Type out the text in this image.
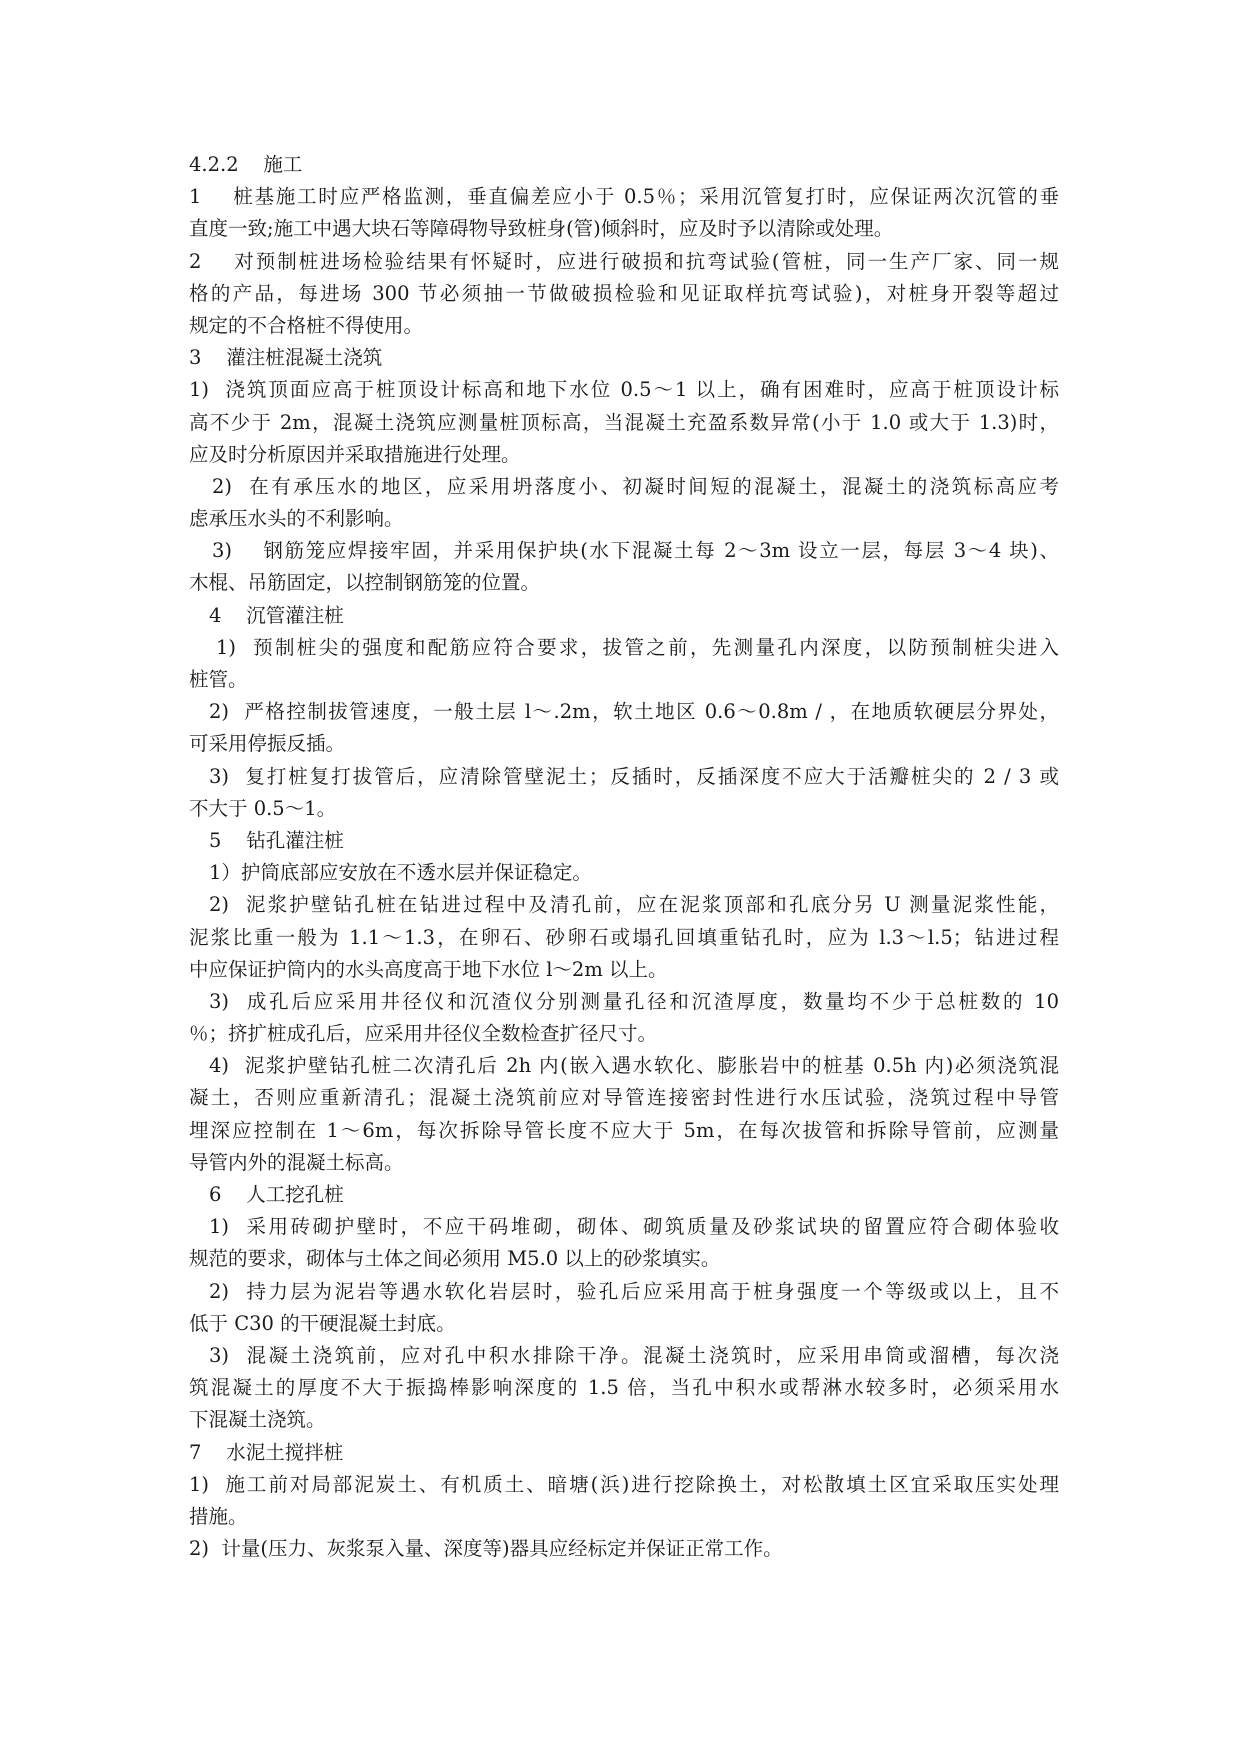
4.2.2    施工
1    桩基施工时应严格监测，垂直偏差应小于 0.5％；采用沉管复打时，应保证两次沉管的垂
直度一致;施工中遇大块石等障碍物导致桩身(管)倾斜时，应及时予以清除或处理。
2    对预制桩进场检验结果有怀疑时，应进行破损和抗弯试验(管桩，同一生产厂家、同一规
格的产品，每进场 300 节必须抽一节做破损检验和见证取样抗弯试验)，对桩身开裂等超过
规定的不合格桩不得使用。
3    灌注桩混凝土浇筑
1)  浇筑顶面应高于桩顶设计标高和地下水位 0.5～1 以上，确有困难时，应高于桩顶设计标
高不少于 2m，混凝土浇筑应测量桩顶标高，当混凝土充盈系数异常(小于 1.0 或大于 1.3)时，
应及时分析原因并采取措施进行处理。
2)  在有承压水的地区，应采用坍落度小、初凝时间短的混凝土，混凝土的浇筑标高应考
虑承压水头的不利影响。
3)    钢筋笼应焊接牢固，并采用保护块(水下混凝土每 2～3m 设立一层，每层 3～4 块)、
木棍、吊筋固定，以控制钢筋笼的位置。
4    沉管灌注桩
1)  预制桩尖的强度和配筋应符合要求，拔管之前，先测量孔内深度，以防预制桩尖进入
桩管。
2)  严格控制拔管速度，一般土层 l～.2m，软土地区 0.6～0.8m / ，在地质软硬层分界处，
可采用停振反插。
3)  复打桩复打拔管后，应清除管壁泥土；反插时，反插深度不应大于活瓣桩尖的 2 / 3 或
不大于 0.5～1。
5    钻孔灌注桩
1）护筒底部应安放在不透水层并保证稳定。
2)  泥浆护壁钻孔桩在钻进过程中及清孔前，应在泥浆顶部和孔底分另 U 测量泥浆性能，
泥浆比重一般为 1.1～1.3，在卵石、砂卵石或塌孔回填重钻孔时，应为 l.3～l.5；钻进过程
中应保证护筒内的水头高度高于地下水位 l～2m 以上。
3)  成孔后应采用井径仪和沉渣仪分别测量孔径和沉渣厚度，数量均不少于总桩数的 10
％；挤扩桩成孔后，应采用井径仪全数检查扩径尺寸。
4)  泥浆护壁钻孔桩二次清孔后 2h 内(嵌入遇水软化、膨胀岩中的桩基 0.5h 内)必须浇筑混
凝土，否则应重新清孔；混凝土浇筑前应对导管连接密封性进行水压试验，浇筑过程中导管
埋深应控制在 1～6m，每次拆除导管长度不应大于 5m，在每次拔管和拆除导管前，应测量
导管内外的混凝土标高。
6    人工挖孔桩
1)  采用砖砌护壁时，不应干码堆砌，砌体、砌筑质量及砂浆试块的留置应符合砌体验收
规范的要求，砌体与土体之间必须用 M5.0 以上的砂浆填实。
2)  持力层为泥岩等遇水软化岩层时，验孔后应采用高于桩身强度一个等级或以上，且不
低于 C30 的干硬混凝土封底。
3)  混凝土浇筑前，应对孔中积水排除干净。混凝土浇筑时，应采用串筒或溜槽，每次浇
筑混凝土的厚度不大于振捣棒影响深度的 1.5 倍，当孔中积水或帮淋水较多时，必须采用水
下混凝土浇筑。
7    水泥土搅拌桩
1)  施工前对局部泥炭土、有机质土、暗塘(浜)进行挖除换土，对松散填土区宜采取压实处理
措施。
2)  计量(压力、灰浆泵入量、深度等)器具应经标定并保证正常工作。
